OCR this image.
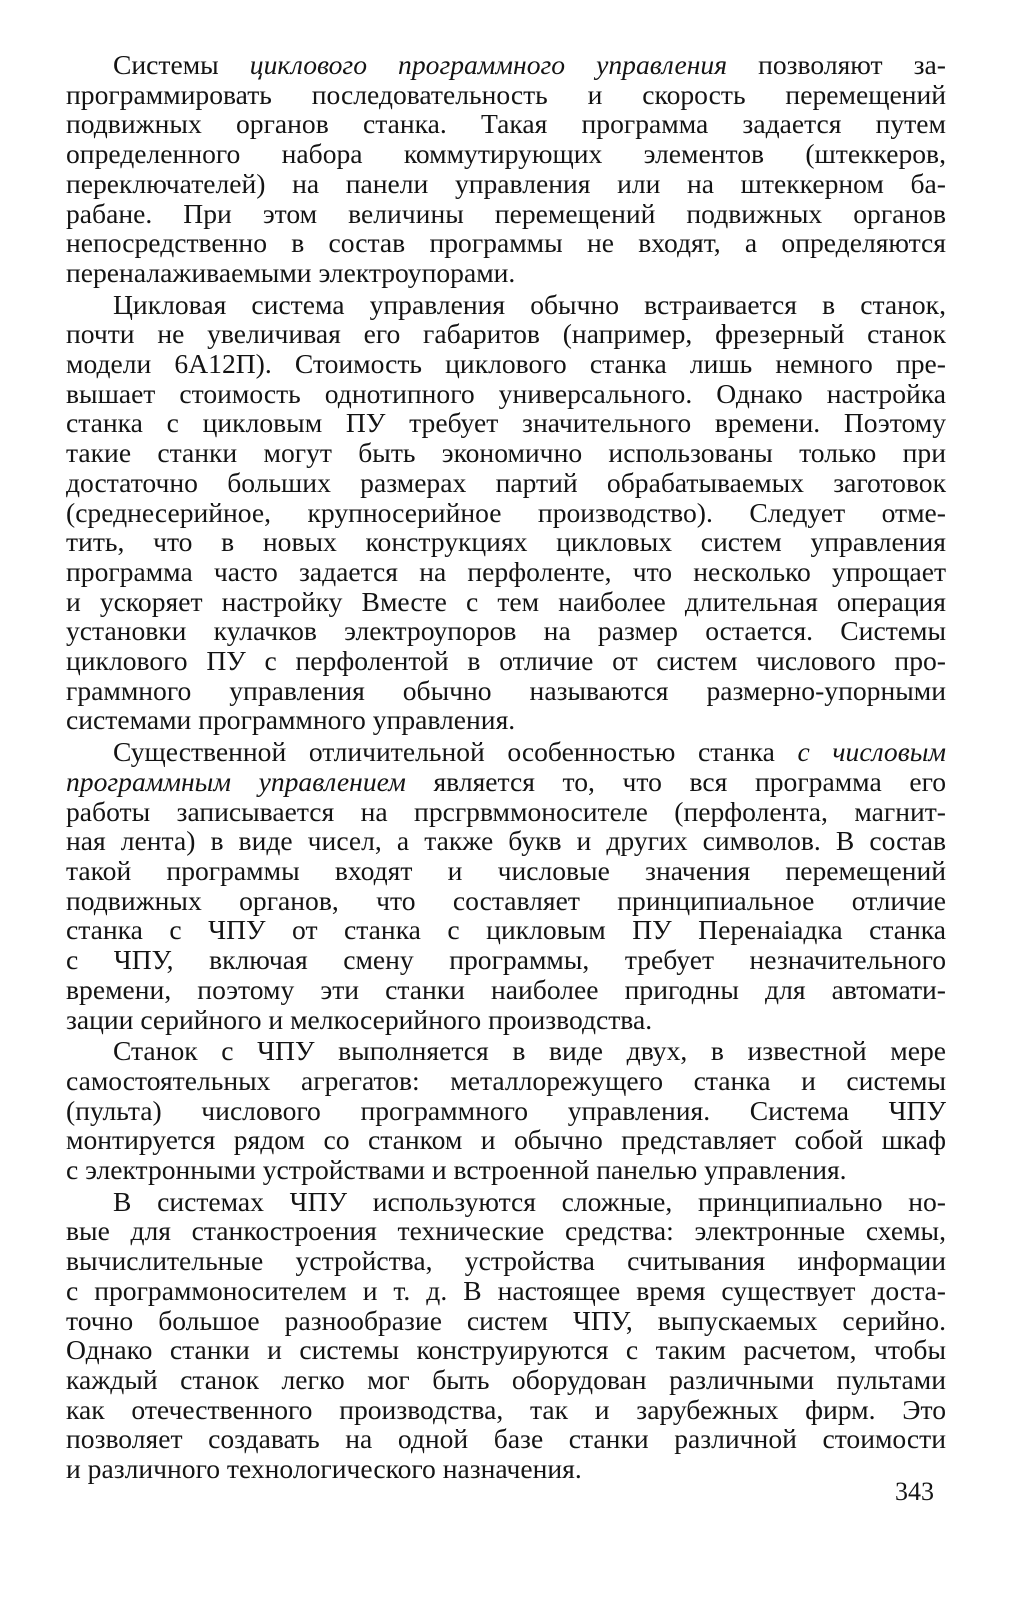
Системы циклового программного управления позволяют за-
программировать последовательность и скорость перемещений
подвижных органов станка. Такая программа задается путем
определенного набора коммутирующих элементов (штеккеров,
переключателей) на панели управления или на штеккерном ба-
рабане. При этом величины перемещений подвижных органов
непосредственно в состав программы не входят, а определяются
переналаживаемыми электроупорами.

Цикловая система управления обычно встраивается в станок,
почти не увеличивая его габаритов (например, фрезерный станок
модели 6А12П). Стоимость циклового станка лишь немного пре-
вышает стоимость однотипного универсального. Однако настройка
станка с цикловым ПУ требует значительного времени. Поэтому
такие станки могут быть экономично использованы только при
достаточно больших размерах партий обрабатываемых заготовок
(среднесерийное, крупносерийное производство). Следует отме-
тить, что в новых конструкциях цикловых систем управления
программа часто задается на перфоленте, что несколько упрощает
и ускоряет настройку Вместе с тем наиболее длительная операция
установки кулачков электроупоров на размер остается. Системы
циклового ПУ с перфолентой в отличие от систем числового про-
граммного управления обычно называются размерно-упорными
системами программного управления.

Существенной отличительной особенностью станка с числовым
программным управлением является то, что вся программа его
работы записывается на прсгрвммоносителе (перфолента, магнит-
ная лента) в виде чисел, а также букв и других символов. В состав
такой программы входят и числовые значения перемещений
подвижных органов, что составляет принципиальное отличие
станка с ЧПУ от станка с цикловым ПУ Перенаiадка станка
с ЧПУ, включая смену программы, требует незначительного
времени, поэтому эти станки наиболее пригодны для автомати-
зации серийного и мелкосерийного производства.

Станок с ЧПУ выполняется в виде двух, в известной мере
самостоятельных агрегатов: металлорежущего станка и системы
(пульта) числового программного управления. Система ЧПУ
монтируется рядом со станком и обычно представляет собой шкаф
с электронными устройствами и встроенной панелью управления.

В системах ЧПУ используются сложные, принципиально но-
вые для станкостроения технические средства: электронные схемы,
вычислительные устройства, устройства считывания информации
с программоносителем и т. д. В настоящее время существует доста-
точно большое разнообразие систем ЧПУ, выпускаемых серийно.
Однако станки и системы конструируются с таким расчетом, чтобы
каждый станок легко мог быть оборудован различными пультами
как отечественного производства, так и зарубежных фирм. Это
позволяет создавать на одной базе станки различной стоимости
и различного технологического назначения.

343
